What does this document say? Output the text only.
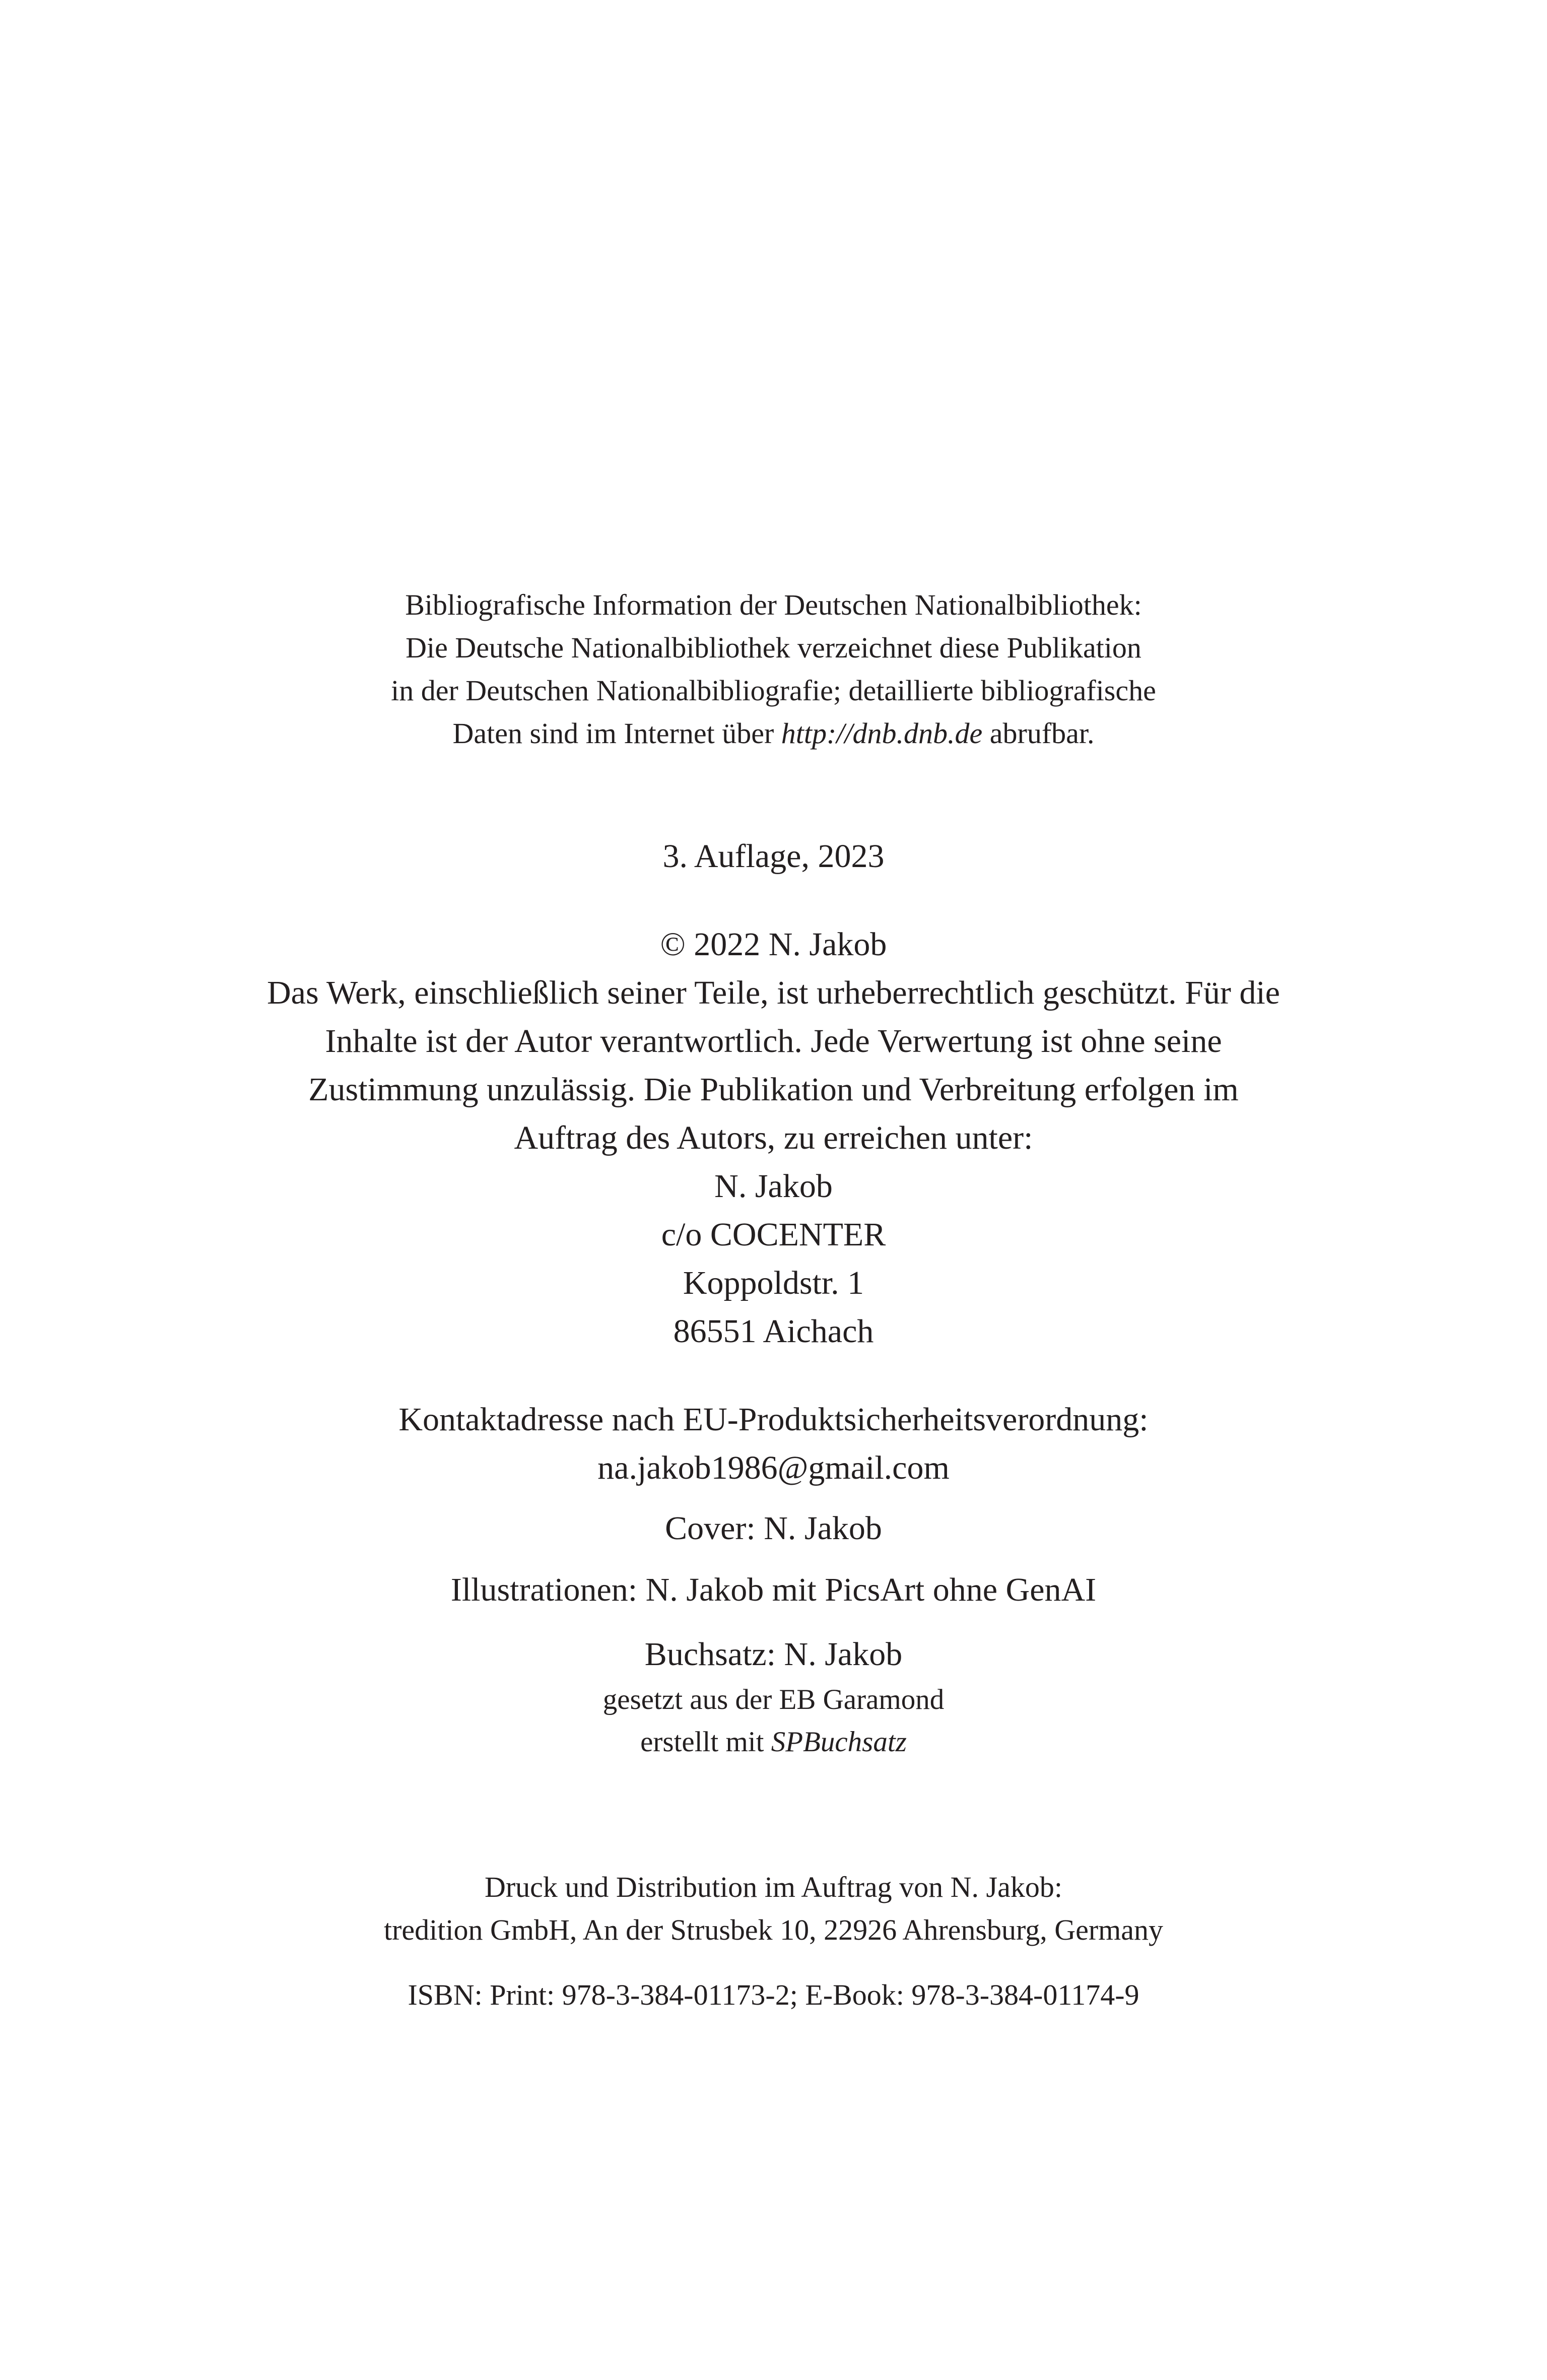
Bibliografische Information der Deutschen Nationalbibliothek:
Die Deutsche Nationalbibliothek verzeichnet diese Publikation
in der Deutschen Nationalbibliografie; detaillierte bibliografische
Daten sind im Internet über http://dnb.dnb.de abrufbar.
3. Auflage, 2023
© 2022 N. Jakob
Das Werk, einschließlich seiner Teile, ist urheberrechtlich geschützt. Für die
Inhalte ist der Autor verantwortlich. Jede Verwertung ist ohne seine
Zustimmung unzulässig. Die Publikation und Verbreitung erfolgen im
Auftrag des Autors, zu erreichen unter:
N. Jakob
c/o COCENTER
Koppoldstr. 1
86551 Aichach
Kontaktadresse nach EU-Produktsicherheitsverordnung:
na.jakob1986@gmail.com
Cover: N. Jakob
Illustrationen: N. Jakob mit PicsArt ohne GenAI
Buchsatz: N. Jakob
gesetzt aus der EB Garamond
erstellt mit SPBuchsatz
Druck und Distribution im Auftrag von N. Jakob:
tredition GmbH, An der Strusbek 10, 22926 Ahrensburg, Germany
ISBN: Print: 978-3-384-01173-2; E-Book: 978-3-384-01174-9
